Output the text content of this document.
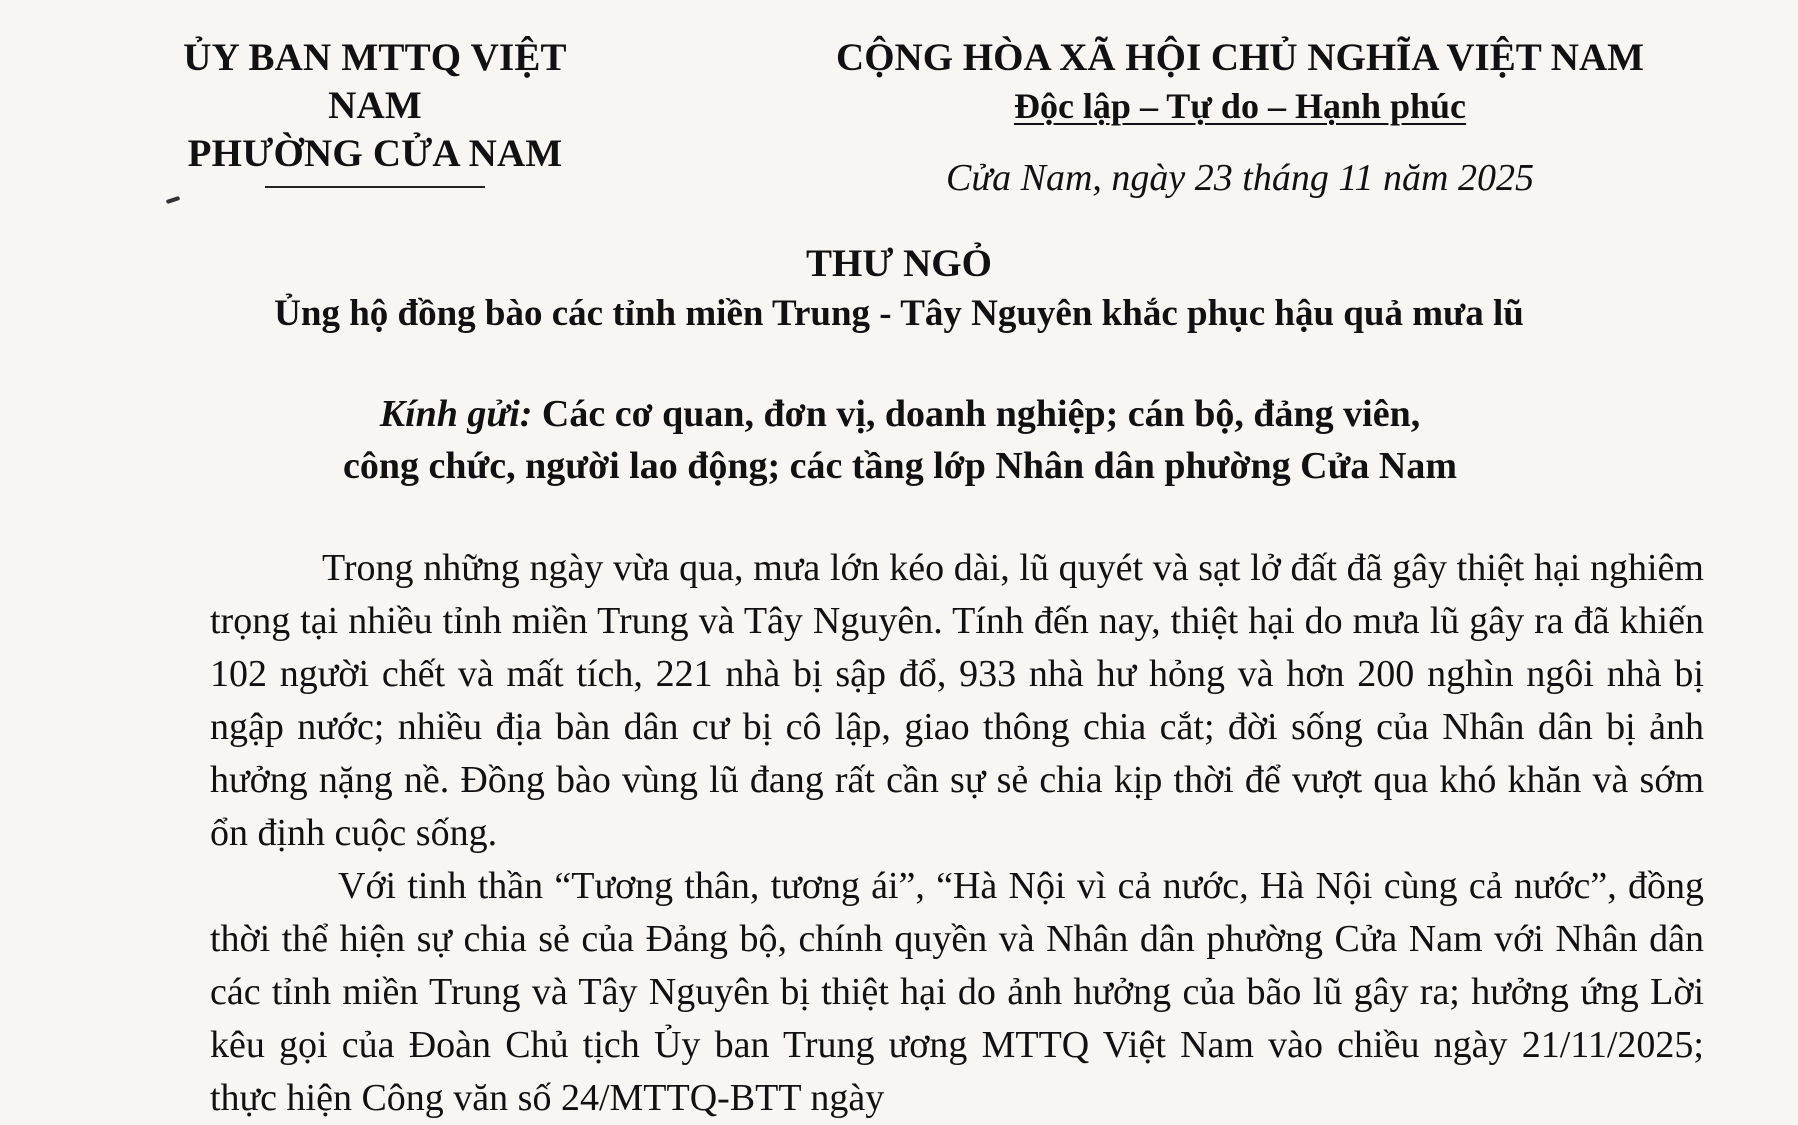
ỦY BAN MTTQ VIỆT NAM
PHƯỜNG CỬA NAM
CỘNG HÒA XÃ HỘI CHỦ NGHĨA VIỆT NAM
Độc lập – Tự do – Hạnh phúc
Cửa Nam, ngày 23 tháng 11 năm 2025
THƯ NGỎ
Ủng hộ đồng bào các tỉnh miền Trung - Tây Nguyên khắc phục hậu quả mưa lũ
Kính gửi: Các cơ quan, đơn vị, doanh nghiệp; cán bộ, đảng viên,
công chức, người lao động; các tầng lớp Nhân dân phường Cửa Nam

Trong những ngày vừa qua, mưa lớn kéo dài, lũ quyét và sạt lở đất đã gây thiệt hại nghiêm trọng tại nhiều tỉnh miền Trung và Tây Nguyên. Tính đến nay, thiệt hại do mưa lũ gây ra đã khiến 102 người chết và mất tích, 221 nhà bị sập đổ, 933 nhà hư hỏng và hơn 200 nghìn ngôi nhà bị ngập nước; nhiều địa bàn dân cư bị cô lập, giao thông chia cắt; đời sống của Nhân dân bị ảnh hưởng nặng nề. Đồng bào vùng lũ đang rất cần sự sẻ chia kịp thời để vượt qua khó khăn và sớm ổn định cuộc sống.

Với tinh thần “Tương thân, tương ái”, “Hà Nội vì cả nước, Hà Nội cùng cả nước”, đồng thời thể hiện sự chia sẻ của Đảng bộ, chính quyền và Nhân dân phường Cửa Nam với Nhân dân các tỉnh miền Trung và Tây Nguyên bị thiệt hại do ảnh hưởng của bão lũ gây ra; hưởng ứng Lời kêu gọi của Đoàn Chủ tịch Ủy ban Trung ương MTTQ Việt Nam vào chiều ngày 21/11/2025; thực hiện Công văn số 24/MTTQ-BTT ngày
